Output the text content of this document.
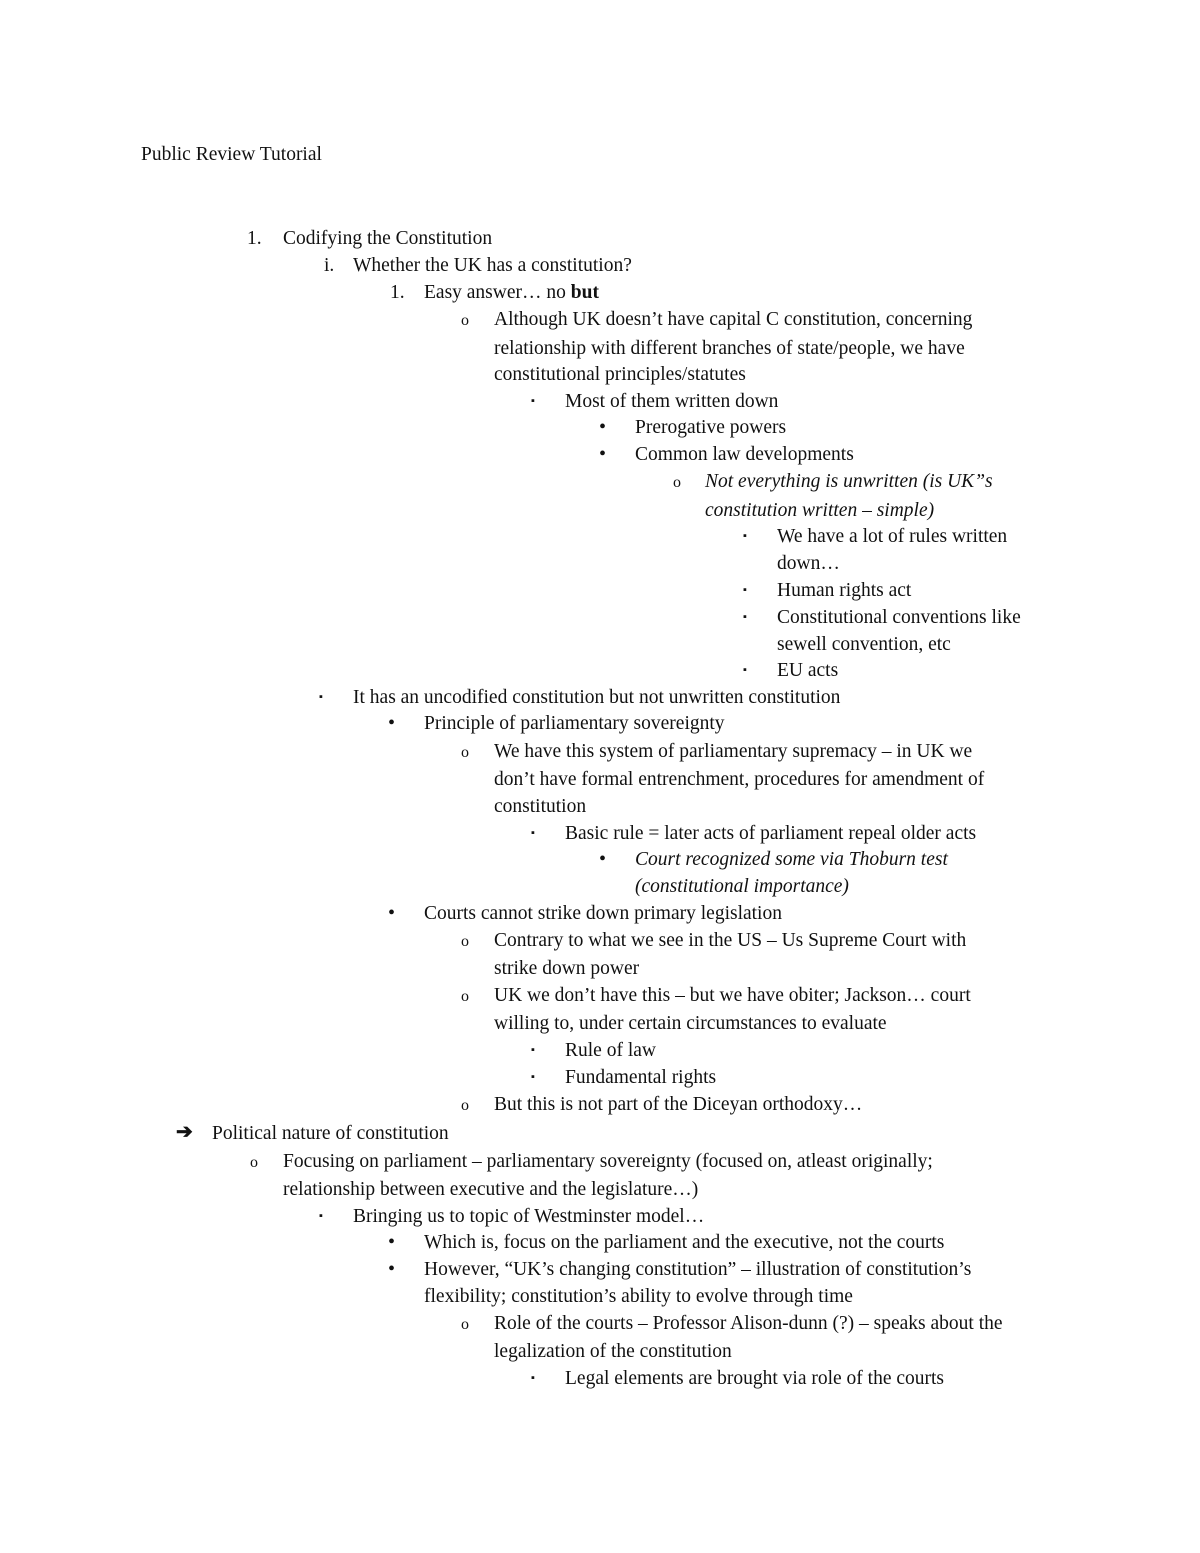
Public Review Tutorial
1. Codifying the Constitution
i. Whether the UK has a constitution?
1. Easy answer… no but
o Although UK doesn’t have capital C constitution, concerning
relationship with different branches of state/people, we have
constitutional principles/statutes
▪ Most of them written down
• Prerogative powers
• Common law developments
o Not everything is unwritten (is UK”s
constitution written – simple)
▪ We have a lot of rules written
down…
▪ Human rights act
▪ Constitutional conventions like
sewell convention, etc
▪ EU acts
▪ It has an uncodified constitution but not unwritten constitution
• Principle of parliamentary sovereignty
o We have this system of parliamentary supremacy – in UK we
don’t have formal entrenchment, procedures for amendment of
constitution
▪ Basic rule = later acts of parliament repeal older acts
• Court recognized some via Thoburn test
(constitutional importance)
• Courts cannot strike down primary legislation
o Contrary to what we see in the US – Us Supreme Court with
strike down power
o UK we don’t have this – but we have obiter; Jackson… court
willing to, under certain circumstances to evaluate
▪ Rule of law
▪ Fundamental rights
o But this is not part of the Diceyan orthodoxy…
➔ Political nature of constitution
o Focusing on parliament – parliamentary sovereignty (focused on, atleast originally;
relationship between executive and the legislature…)
▪ Bringing us to topic of Westminster model…
• Which is, focus on the parliament and the executive, not the courts
• However, “UK’s changing constitution” – illustration of constitution’s
flexibility; constitution’s ability to evolve through time
o Role of the courts – Professor Alison-dunn (?) – speaks about the
legalization of the constitution
▪ Legal elements are brought via role of the courts
